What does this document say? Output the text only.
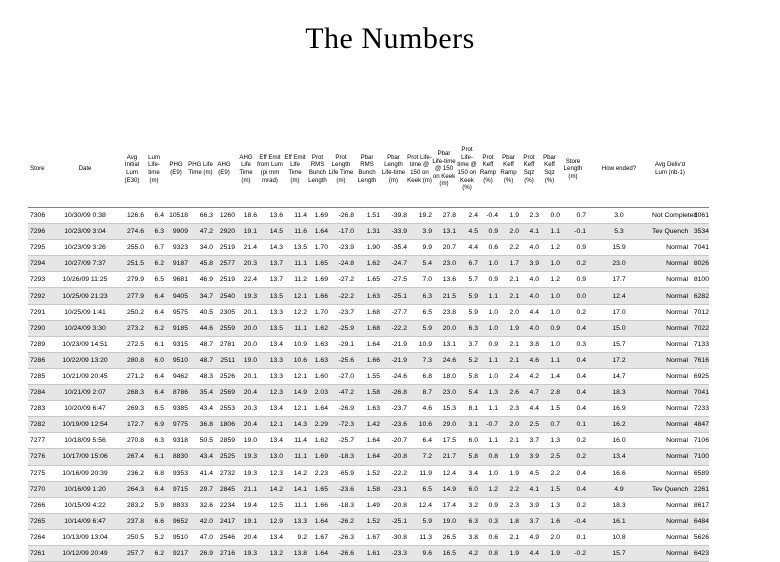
The Numbers
Store	Date	Avg Initial Lum (E30)	Lum Life-time (m)	PHG (E9)	PHG Life Time (m)	AHG (E9)	AHG Life Time (m)	Eff Emit from Lum (pi mm mrad)	Eff Emit Life Time (m)	Prot RMS Bunch Length	Prot Length Life Time (m)	Pbar RMS Bunch Length	Pbar Length Life-time (m)	Prot Life-time @ 150 on Keek (m)	Pbar Life-time @ 150 on Keek (m)	Prot Life-time @ 150 on Keek (%)	Prot Keff Ramp (%)	Pbar Keff Ramp (%)	Prot Keff Sqz (%)	Pbar Keff Sqz (%)	Store Length (m)	How ended?	Avg Deliv'd Lum (nb-1)	
7306	10/30/09 0:38	126.6	6.4	10518	66.3	1260	18.6	13.6	11.4	1.69	-26.8	1.51	-39.8	19.2	27.8	2.4	-0.4	1.9	2.3	0.0	0.7	3.0	Not Completed	1061
7296	10/23/09 3:04	274.6	6.3	9909	47.2	2920	19.1	14.5	11.6	1.64	-17.0	1.31	-33.9	3.9	13.1	4.5	0.9	2.0	4.1	1.1	-0.1	5.3	Tev Quench	3534
7295	10/23/09 3:26	255.0	6.7	9323	34.0	2519	21.4	14.3	13.5	1.70	-23.9	1.90	-35.4	9.9	20.7	4.4	0.6	2.2	4.0	1.2	0.9	15.9	Normal	7041
7294	10/27/09 7:37	251.5	6.2	9187	45.8	2577	20.3	13.7	11.1	1.65	-24.8	1.62	-24.7	5.4	23.0	6.7	1.0	1.7	3.9	1.0	0.2	23.0	Normal	8026
7293	10/26/09 11:25	279.9	6.5	9681	46.9	2519	22.4	13.7	11.2	1.69	-27.2	1.65	-27.5	7.0	13.6	5.7	0.9	2.1	4.0	1.2	0.9	17.7	Normal	8100
7292	10/25/09 21:23	277.9	6.4	9405	34.7	2540	19.3	13.5	12.1	1.66	-22.2	1.63	-25.1	6.3	21.5	5.9	1.1	2.1	4.0	1.0	0.0	12.4	Normal	6282
7291	10/25/09 1:41	250.2	6.4	9575	40.5	2305	20.1	13.3	12.2	1.70	-23.7	1.68	-27.7	6.5	23.8	5.9	1.0	2.0	4.4	1.0	0.2	17.0	Normal	7012
7290	10/24/09 3:30	273.2	6.2	9185	44.6	2559	20.0	13.5	11.1	1.62	-25.9	1.68	-22.2	5.9	20.0	6.3	1.0	1.9	4.0	0.9	0.4	15.0	Normal	7022
7289	10/23/09 14:51	272.5	6.1	9315	48.7	2781	20.0	13.4	10.9	1.63	-29.1	1.64	-21.9	10.9	13.1	3.7	0.9	2.1	3.8	1.0	0.3	15.7	Normal	7133
7286	10/22/09 13:20	280.8	6.0	9510	48.7	2511	19.0	13.3	10.6	1.63	-25.6	1.66	-21.9	7.3	24.6	5.2	1.1	2.1	4.6	1.1	0.4	17.2	Normal	7616
7285	10/21/09 20:45	271.2	6.4	9462	48.3	2526	20.1	13.3	12.1	1.60	-27.0	1.55	-24.6	6.8	18.0	5.8	1.0	2.4	4.2	1.4	0.4	14.7	Normal	6925
7284	10/21/09 2:07	268.3	6.4	8786	35.4	2569	20.4	12.3	14.9	2.03	-47.2	1.58	-26.8	8.7	23.0	5.4	1.3	2.6	4.7	2.8	0.4	18.3	Normal	7041
7283	10/20/09 6:47	269.3	6.5	9385	43.4	2553	20.3	13.4	12.1	1.64	-26.9	1.63	-23.7	4.6	15.3	8.1	1.1	2.3	4.4	1.5	0.4	16.9	Normal	7233
7282	10/19/09 12:54	172.7	6.9	9775	36.8	1806	20.4	12.1	14.3	2.29	-72.3	1.42	-23.6	10.6	29.0	3.1	-0.7	2.0	2.5	0.7	0.1	16.2	Normal	4847
7277	10/18/09 5:56	270.8	6.3	9318	50.5	2859	19.0	13.4	11.4	1.62	-25.7	1.64	-20.7	6.4	17.5	6.0	1.1	2.1	3.7	1.3	0.2	16.0	Normal	7106
7276	10/17/09 15:06	267.4	6.1	8830	43.4	2525	19.3	13.0	11.1	1.69	-18.3	1.64	-20.8	7.2	21.7	5.8	0.8	1.9	3.9	2.5	0.2	13.4	Normal	7100
7275	10/16/09 20:39	236.2	6.8	9353	41.4	2732	19.3	12.3	14.2	2.23	-65.9	1.52	-22.2	11.9	12.4	3.4	1.0	1.9	4.5	2.2	0.4	16.6	Normal	6589
7270	10/16/09 1:20	264.3	6.4	9715	29.7	2845	21.1	14.2	14.1	1.65	-23.6	1.58	-23.1	6.5	14.9	6.0	1.2	2.2	4.1	1.5	0.4	4.9	Tev Quench	2261
7266	10/15/09 4:22	283.2	5.9	8833	32.6	2234	19.4	12.5	11.1	1.66	-18.3	1.49	-20.8	12.4	17.4	3.2	0.9	2.3	3.9	1.3	0.2	18.3	Normal	8617
7265	10/14/09 6:47	237.8	6.6	9652	42.0	2417	19.1	12.9	13.3	1.64	-26.2	1.52	-25.1	5.9	19.0	6.3	0.3	1.8	3.7	1.6	-0.4	16.1	Normal	6484
7264	10/13/09 13:04	250.5	5.2	9510	47.0	2546	20.4	13.4	9.2	1.67	-26.3	1.67	-30.8	11.3	26.5	3.8	0.6	2.1	4.9	2.0	0.1	10.8	Normal	5626
7261	10/12/09 20:49	257.7	6.2	9217	26.9	2716	19.3	13.2	13.8	1.64	-26.6	1.61	-23.3	9.6	16.5	4.2	0.8	1.9	4.4	1.9	-0.2	15.7	Normal	6423
